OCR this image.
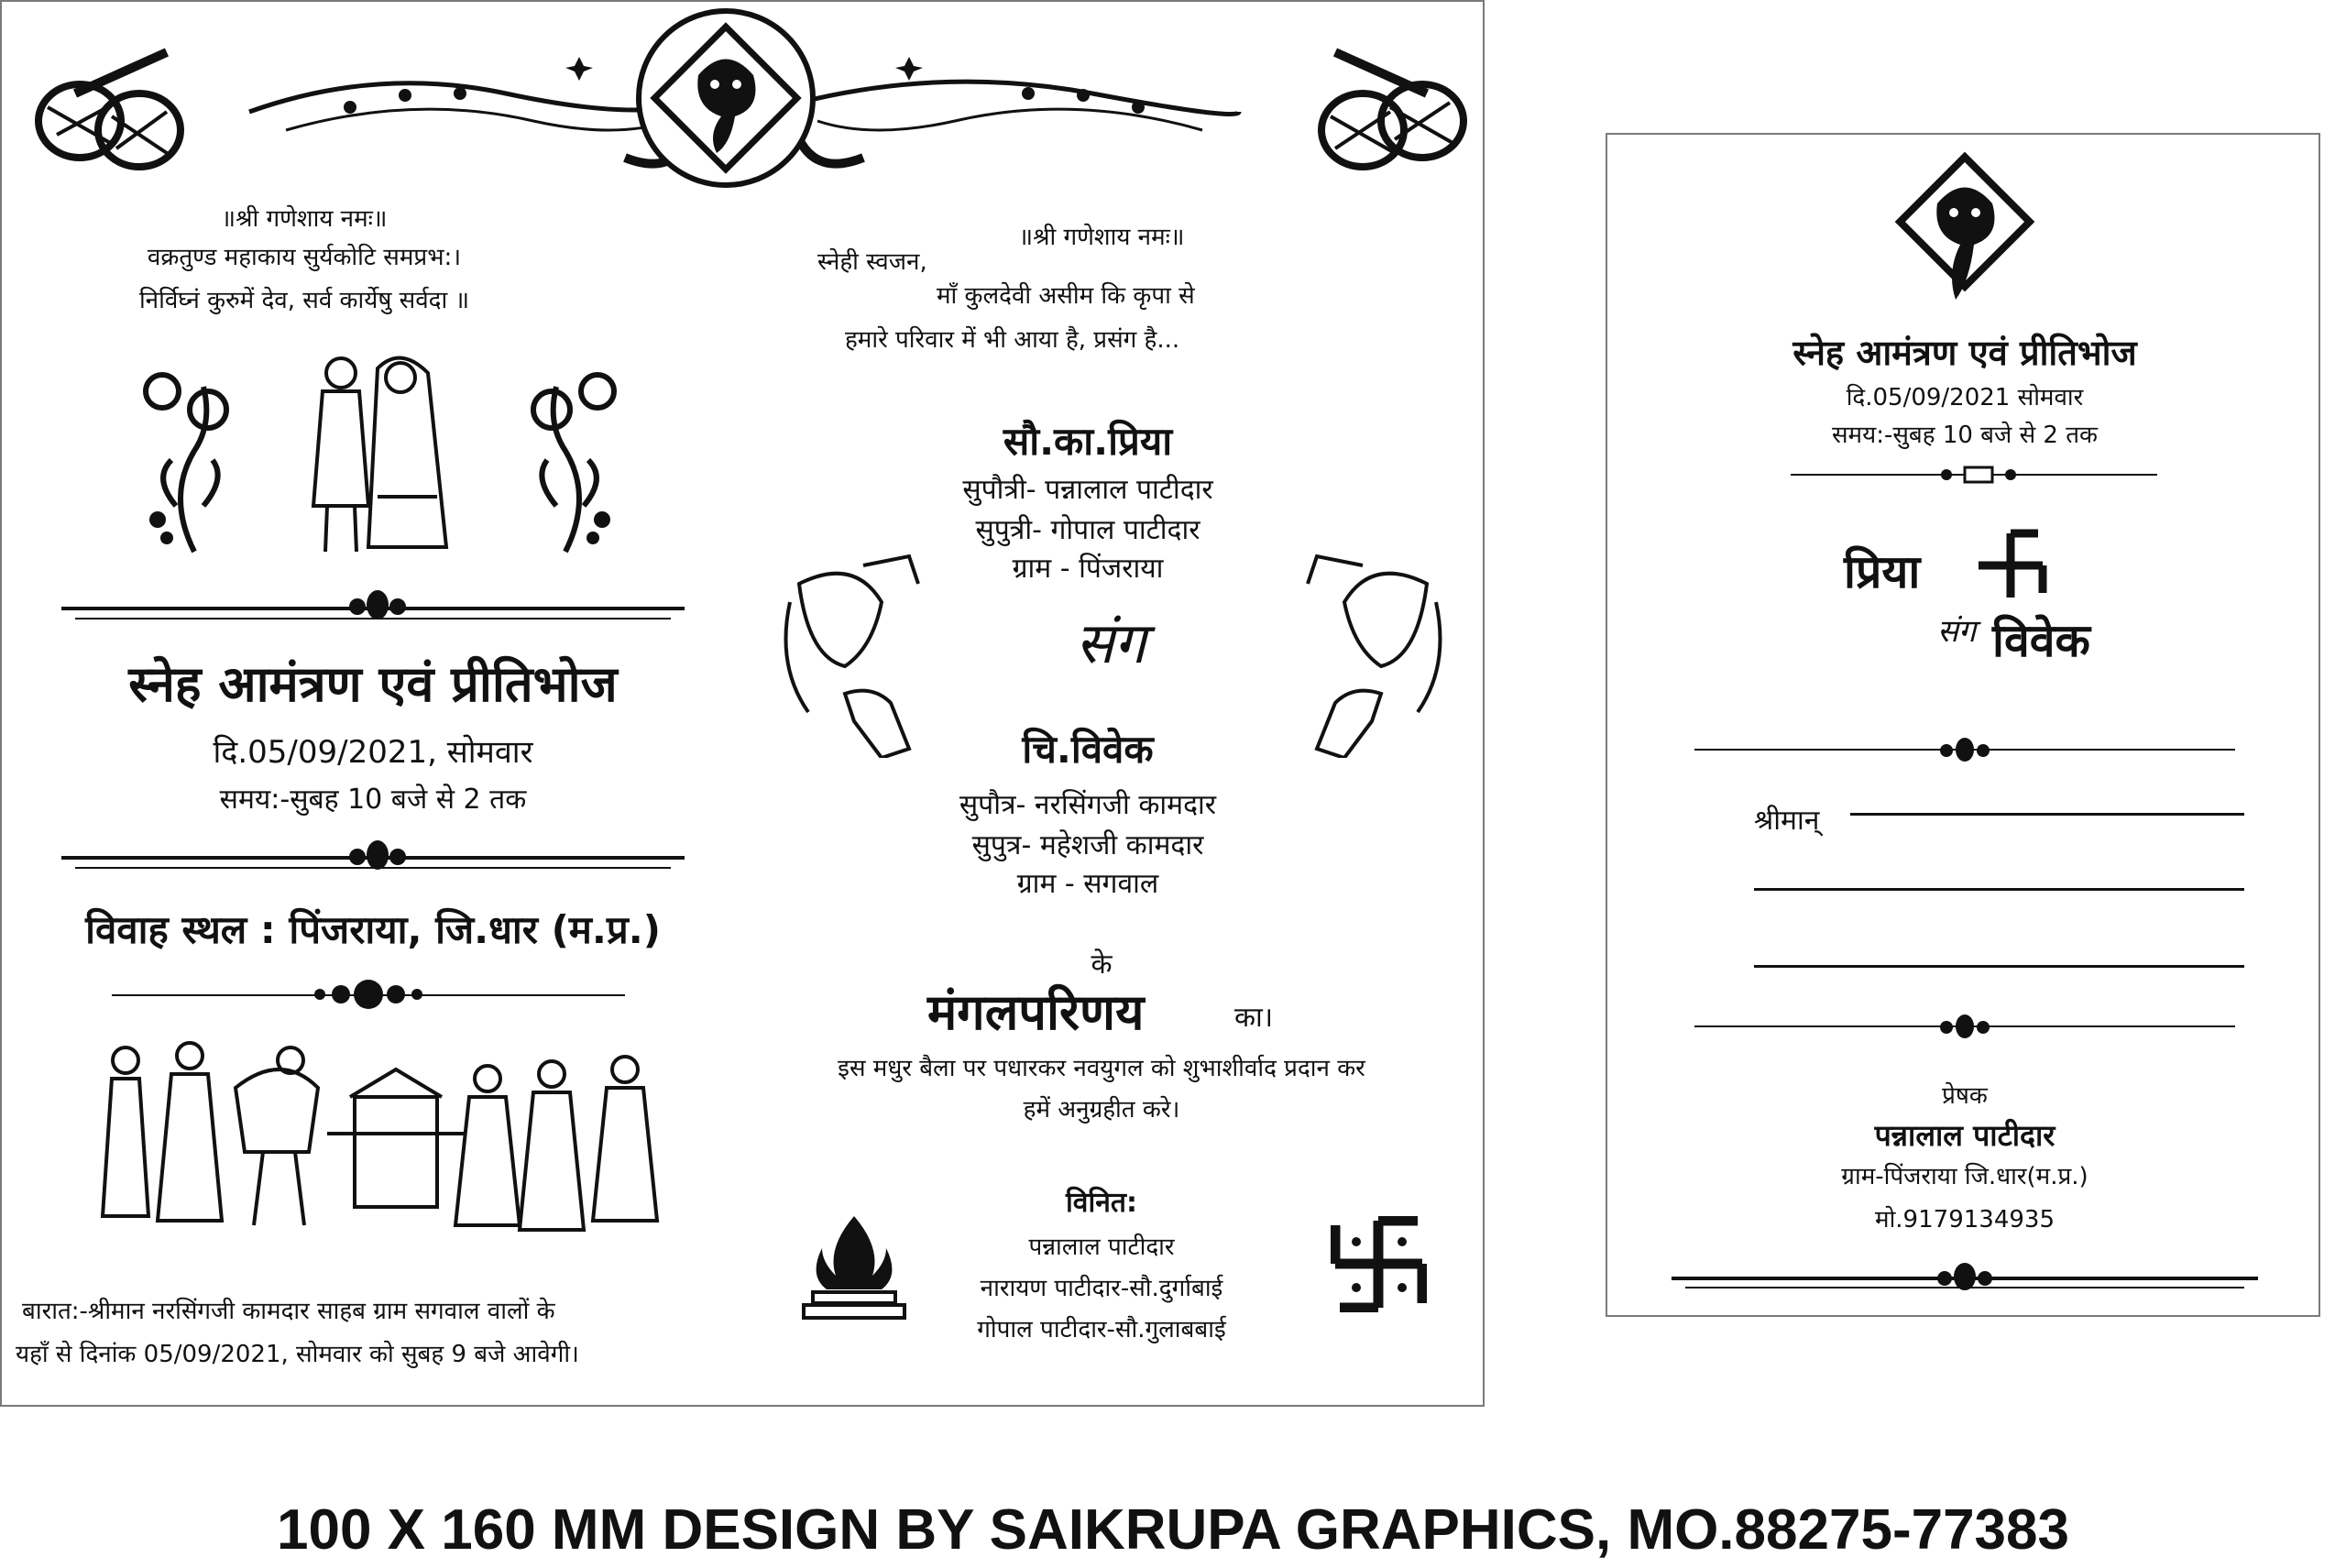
॥श्री गणेशाय नमः॥
वक्रतुण्ड महाकाय सुर्यकोटि समप्रभ:।
निर्विघ्नं कुरुमें देव, सर्व कार्येषु सर्वदा ॥
स्नेह आमंत्रण एवं प्रीतिभोज
दि.05/09/2021, सोमवार
समय:-सुबह 10 बजे से 2 तक
विवाह स्थल : पिंजराया, जि.धार (म.प्र.)
बारात:-श्रीमान नरसिंगजी कामदार साहब ग्राम सगवाल वालों के
यहाँ से दिनांक 05/09/2021, सोमवार को सुबह 9 बजे आवेगी।
॥श्री गणेशाय नमः॥
स्नेही स्वजन,
माँ कुलदेवी असीम कि कृपा से
हमारे परिवार में भी आया है, प्रसंग है...
सौ.का.प्रिया
सुपौत्री- पन्नालाल पाटीदार
सुपुत्री- गोपाल पाटीदार
ग्राम - पिंजराया
संग
चि.विवेक
सुपौत्र- नरसिंगजी कामदार
सुपुत्र- महेशजी कामदार
ग्राम - सगवाल
के
मंगलपरिणय	का।
इस मधुर बैला पर पधारकर नवयुगल को शुभाशीर्वाद प्रदान कर
हमें अनुग्रहीत करे।
विनित:
पन्नालाल पाटीदार
नारायण पाटीदार-सौ.दुर्गाबाई
गोपाल पाटीदार-सौ.गुलाबबाई
स्नेह आमंत्रण एवं प्रीतिभोज
दि.05/09/2021 सोमवार
समय:-सुबह 10 बजे से 2 तक
प्रिया
संग विवेक
श्रीमान्
प्रेषक
पन्नालाल पाटीदार
ग्राम-पिंजराया जि.धार(म.प्र.)
मो.9179134935
100 X 160 MM DESIGN BY SAIKRUPA GRAPHICS, MO.88275-77383
